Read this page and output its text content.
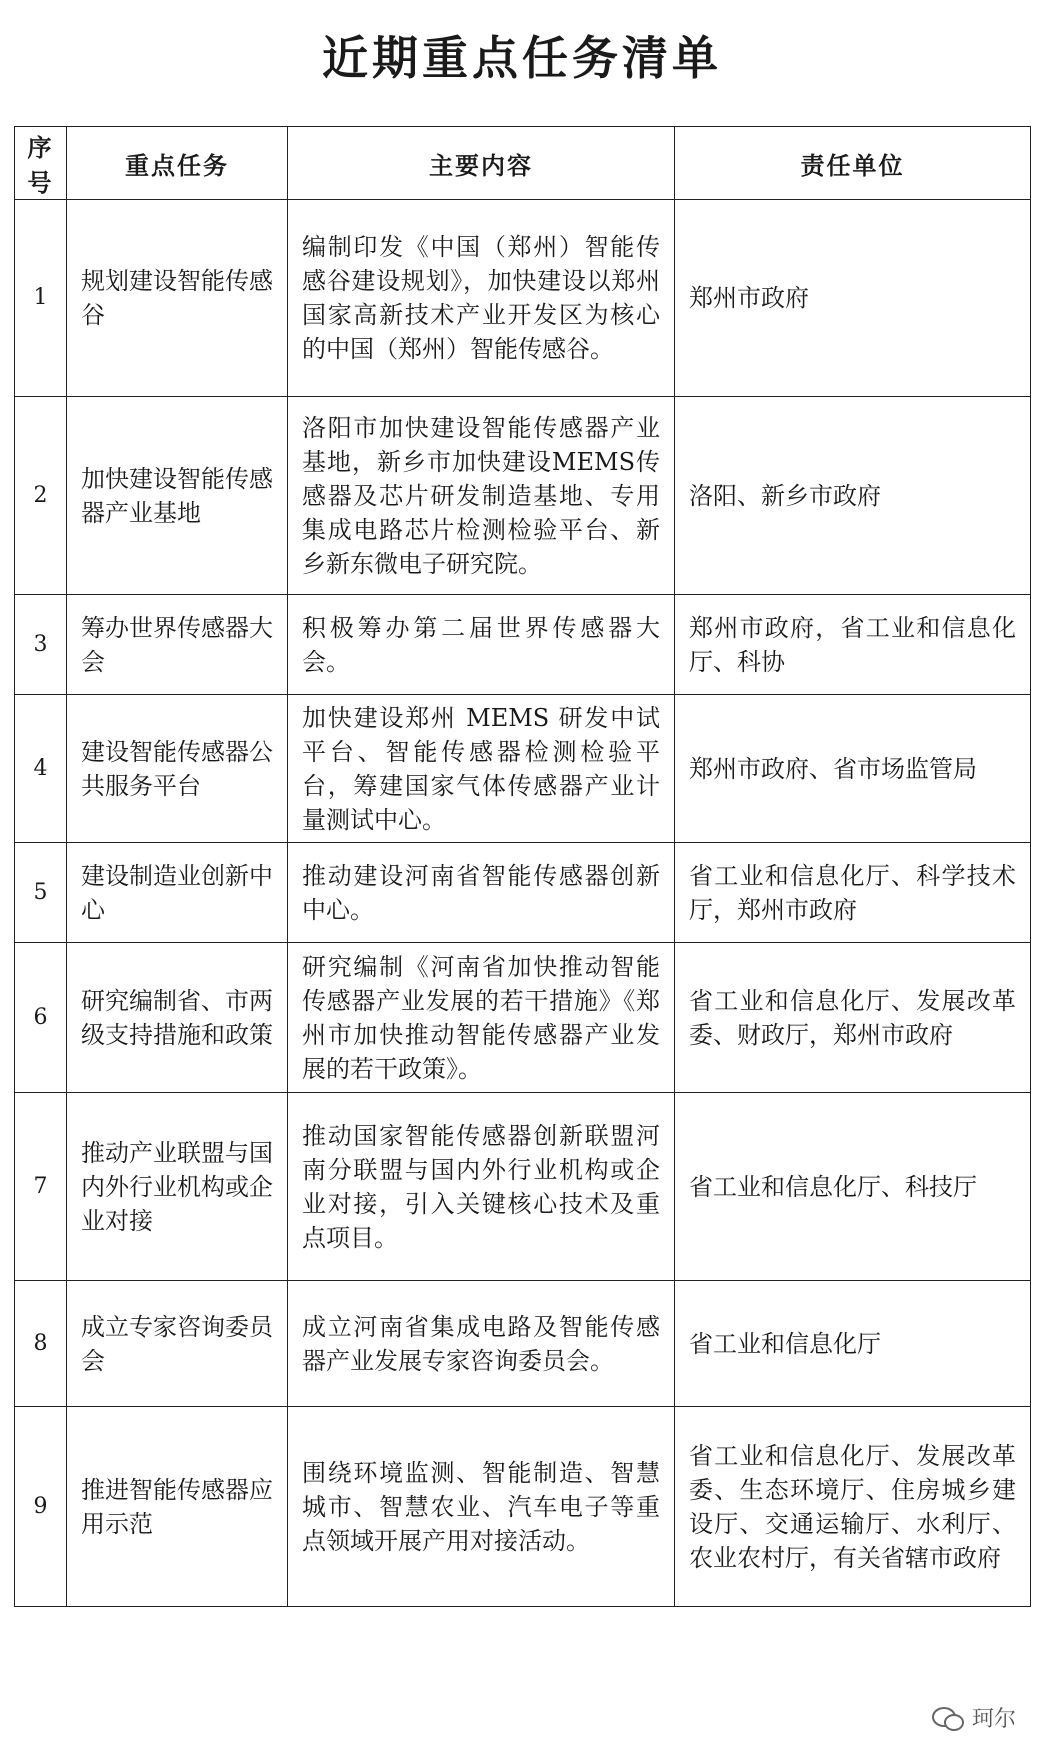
近期重点任务清单
序号	重点任务	主要内容	责任单位
1	规划建设智能传感谷	编制印发《中国（郑州）智能传感谷建设规划》，加快建设以郑州国家高新技术产业开发区为核心的中国（郑州）智能传感谷。	郑州市政府
2	加快建设智能传感器产业基地	洛阳市加快建设智能传感器产业基地，新乡市加快建设MEMS传感器及芯片研发制造基地、专用集成电路芯片检测检验平台、新乡新东微电子研究院。	洛阳、新乡市政府
3	筹办世界传感器大会	积极筹办第二届世界传感器大会。	郑州市政府，省工业和信息化厅、科协
4	建设智能传感器公共服务平台	加快建设郑州 MEMS 研发中试平台、智能传感器检测检验平台，筹建国家气体传感器产业计量测试中心。	郑州市政府、省市场监管局
5	建设制造业创新中心	推动建设河南省智能传感器创新中心。	省工业和信息化厅、科学技术厅，郑州市政府
6	研究编制省、市两级支持措施和政策	研究编制《河南省加快推动智能传感器产业发展的若干措施》《郑州市加快推动智能传感器产业发展的若干政策》。	省工业和信息化厅、发展改革委、财政厅，郑州市政府
7	推动产业联盟与国内外行业机构或企业对接	推动国家智能传感器创新联盟河南分联盟与国内外行业机构或企业对接，引入关键核心技术及重点项目。	省工业和信息化厅、科技厅
8	成立专家咨询委员会	成立河南省集成电路及智能传感器产业发展专家咨询委员会。	省工业和信息化厅
9	推进智能传感器应用示范	围绕环境监测、智能制造、智慧城市、智慧农业、汽车电子等重点领域开展产用对接活动。	省工业和信息化厅、发展改革委、生态环境厅、住房城乡建设厅、交通运输厅、水利厅、农业农村厅，有关省辖市政府
珂尔
